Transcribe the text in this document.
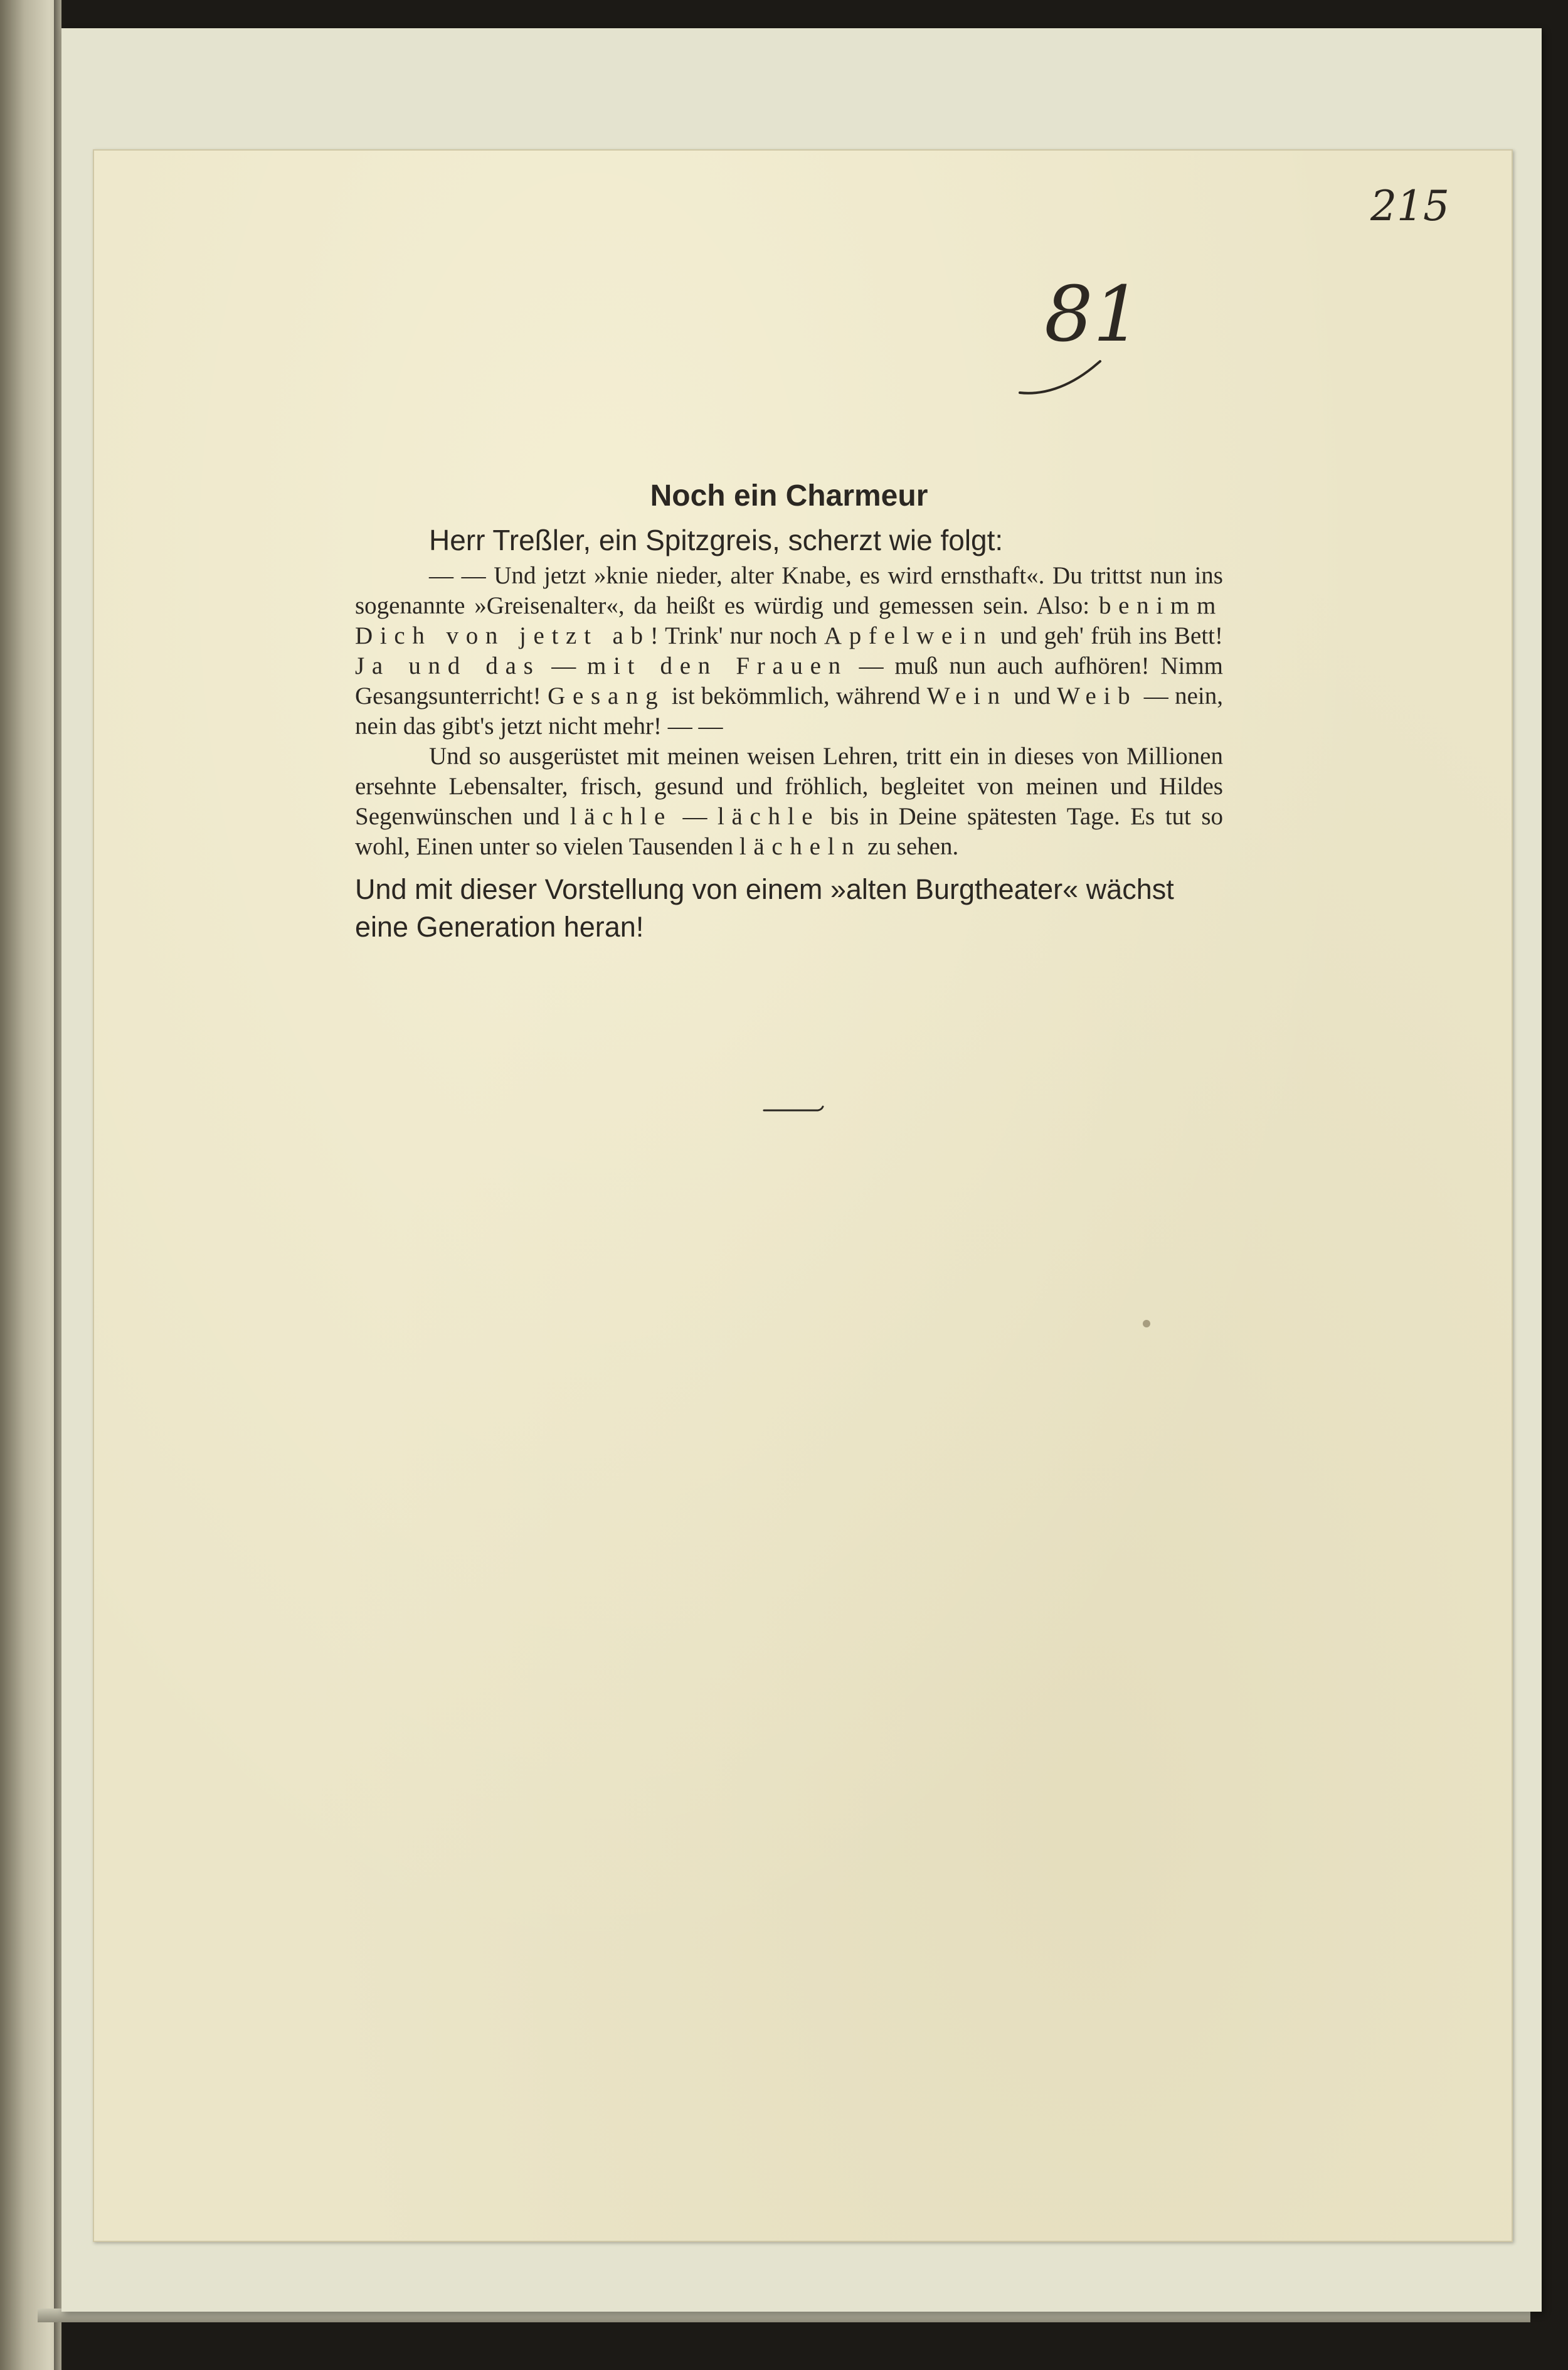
215
81
Noch ein Charmeur

Herr Treßler, ein Spitzgreis, scherzt wie folgt:

— — Und jetzt »knie nieder, alter Knabe, es wird ernsthaft«. Du trittst nun ins sogenannte »Greisenalter«, da heißt es würdig und gemessen sein. Also: benimm Dich von jetzt ab! Trink' nur noch Apfelwein und geh' früh ins Bett! Ja und das — mit den Frauen — muß nun auch aufhören! Nimm Gesangsunterricht! Gesang ist bekömmlich, während Wein und Weib — nein, nein das gibt's jetzt nicht mehr! — —

Und so ausgerüstet mit meinen weisen Lehren, tritt ein in dieses von Millionen ersehnte Lebensalter, frisch, gesund und fröhlich, begleitet von meinen und Hildes Segenwünschen und lächle — lächle bis in Deine spätesten Tage. Es tut so wohl, Einen unter so vielen Tausenden lächeln zu sehen.

Und mit dieser Vorstellung von einem »alten Burgtheater« wächst eine Generation heran!
